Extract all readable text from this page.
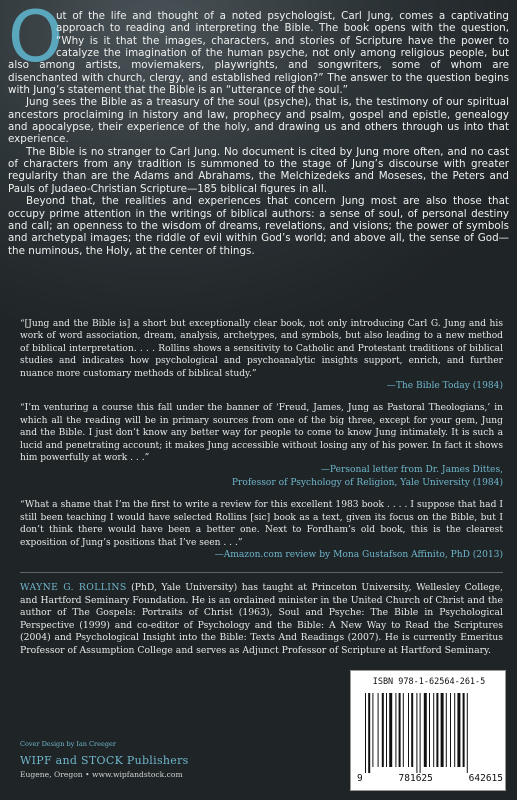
O

ut of the life and thought of a noted psychologist, Carl Jung, comes a captivating approach to reading and interpreting the Bible. The book opens with the question, “Why is it that the images, characters, and stories of Scripture have the power to catalyze the imagination of the human psyche, not only among religious people, but also among artists, moviemakers, playwrights, and songwriters, some of whom are disenchanted with church, clergy, and established religion?” The answer to the question begins with Jung’s statement that the Bible is an “utterance of the soul.”

Jung sees the Bible as a treasury of the soul (psyche), that is, the testimony of our spiritual ancestors proclaiming in history and law, prophecy and psalm, gospel and epistle, genealogy and apocalypse, their experience of the holy, and drawing us and others through us into that experience.

The Bible is no stranger to Carl Jung. No document is cited by Jung more often, and no cast of characters from any tradition is summoned to the stage of Jung’s discourse with greater regularity than are the Adams and Abrahams, the Melchizedeks and Moseses, the Peters and Pauls of Judaeo-Christian Scripture—185 biblical figures in all.

Beyond that, the realities and experiences that concern Jung most are also those that occupy prime attention in the writings of biblical authors: a sense of soul, of personal destiny and call; an openness to the wisdom of dreams, revelations, and visions; the power of symbols and archetypal images; the riddle of evil within God’s world; and above all, the sense of God—the numinous, the Holy, at the center of things.

“[Jung and the Bible is] a short but exceptionally clear book, not only introducing Carl G. Jung and his work of word association, dream, analysis, archetypes, and symbols, but also leading to a new method of biblical interpretation. . . . Rollins shows a sensitivity to Catholic and Protestant traditions of biblical studies and indicates how psychological and psychoanalytic insights support, enrich, and further nuance more customary methods of biblical study.”

—The Bible Today (1984)

“I’m venturing a course this fall under the banner of ‘Freud, James, Jung as Pastoral Theologians,’ in which all the reading will be in primary sources from one of the big three, except for your gem, Jung and the Bible. I just don’t know any better way for people to come to know Jung intimately. It is such a lucid and penetrating account; it makes Jung accessible without losing any of his power. In fact it shows him powerfully at work . . .”

—Personal letter from Dr. James Dittes,
Professor of Psychology of Religion, Yale University (1984)

“What a shame that I’m the first to write a review for this excellent 1983 book . . . . I suppose that had I still been teaching I would have selected Rollins [sic] book as a text, given its focus on the Bible, but I don’t think there would have been a better one. Next to Fordham’s old book, this is the clearest exposition of Jung’s positions that I’ve seen . . .”

—Amazon.com review by Mona Gustafson Affinito, PhD (2013)
WAYNE G. ROLLINS (PhD, Yale University) has taught at Princeton University, Wellesley College, and Hartford Seminary Foundation. He is an ordained minister in the United Church of Christ and the author of The Gospels: Portraits of Christ (1963), Soul and Psyche: The Bible in Psychological Perspective (1999) and co-editor of Psychology and the Bible: A New Way to Read the Scriptures (2004) and Psychological Insight into the Bible: Texts And Readings (2007). He is currently Emeritus Professor of Assumption College and serves as Adjunct Professor of Scripture at Hartford Seminary.
Cover Design by Ian Creeger
WIPF and STOCK Publishers
Eugene, Oregon • www.wipfandstock.com
ISBN 978-1-62564-261-5
9	781625	642615
